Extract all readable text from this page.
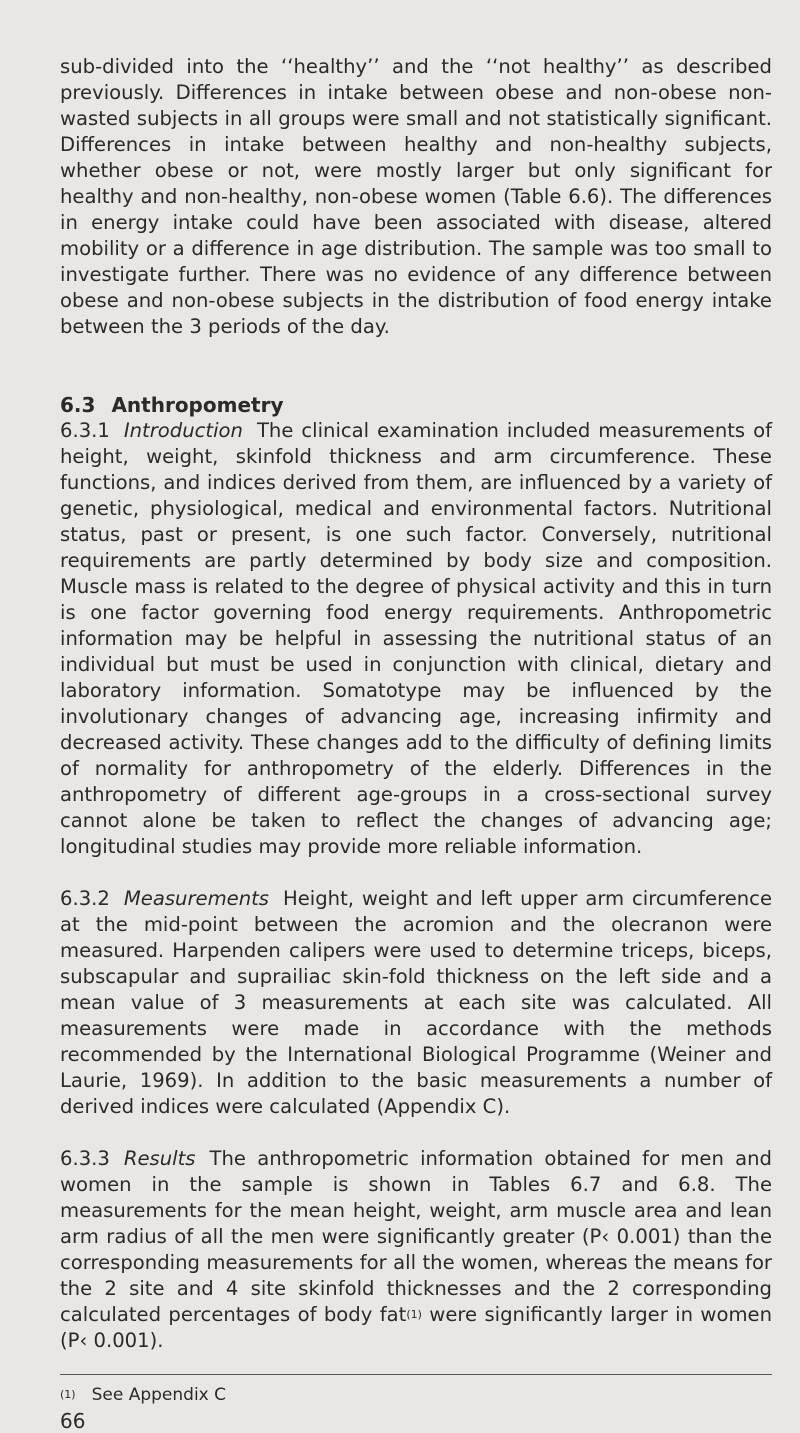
sub-divided into the ‘‘healthy’’ and the ‘‘not healthy’’ as described previously. Differences in intake between obese and non-obese non-wasted subjects in all groups were small and not statistically significant. Differences in intake between healthy and non-healthy subjects, whether obese or not, were mostly larger but only significant for healthy and non-healthy, non-obese women (Table 6.6). The differences in energy intake could have been associated with disease, altered mobility or a difference in age distribution. The sample was too small to investigate further. There was no evidence of any difference between obese and non-obese subjects in the distribution of food energy intake between the 3 periods of the day.

6.3 Anthropometry

6.3.1 Introduction The clinical examination included measurements of height, weight, skinfold thickness and arm circumference. These functions, and indices derived from them, are influenced by a variety of genetic, physiological, medical and environmental factors. Nutritional status, past or present, is one such factor. Conversely, nutritional requirements are partly determined by body size and composition. Muscle mass is related to the degree of physical activity and this in turn is one factor governing food energy requirements. Anthropometric information may be helpful in assessing the nutritional status of an individual but must be used in conjunction with clinical, dietary and laboratory information. Somatotype may be influenced by the involutionary changes of advancing age, increasing infirmity and decreased activity. These changes add to the difficulty of defining limits of normality for anthropometry of the elderly. Differences in the anthropometry of different age-groups in a cross-sectional survey cannot alone be taken to reflect the changes of advancing age; longitudinal studies may provide more reliable information.

6.3.2 Measurements Height, weight and left upper arm circumference at the mid-point between the acromion and the olecranon were measured. Harpenden calipers were used to determine triceps, biceps, subscapular and suprailiac skin-fold thickness on the left side and a mean value of 3 measurements at each site was calculated. All measurements were made in accordance with the methods recommended by the International Biological Programme (Weiner and Laurie, 1969). In addition to the basic measurements a number of derived indices were calculated (Appendix C).

6.3.3 Results The anthropometric information obtained for men and women in the sample is shown in Tables 6.7 and 6.8. The measurements for the mean height, weight, arm muscle area and lean arm radius of all the men were significantly greater (P‹ 0.001) than the corresponding measurements for all the women, whereas the means for the 2 site and 4 site skinfold thicknesses and the 2 corresponding calculated percentages of body fat$^{(1)}$ were significantly larger in women (P‹ 0.001).

$^{(1)}$ See Appendix C
66
